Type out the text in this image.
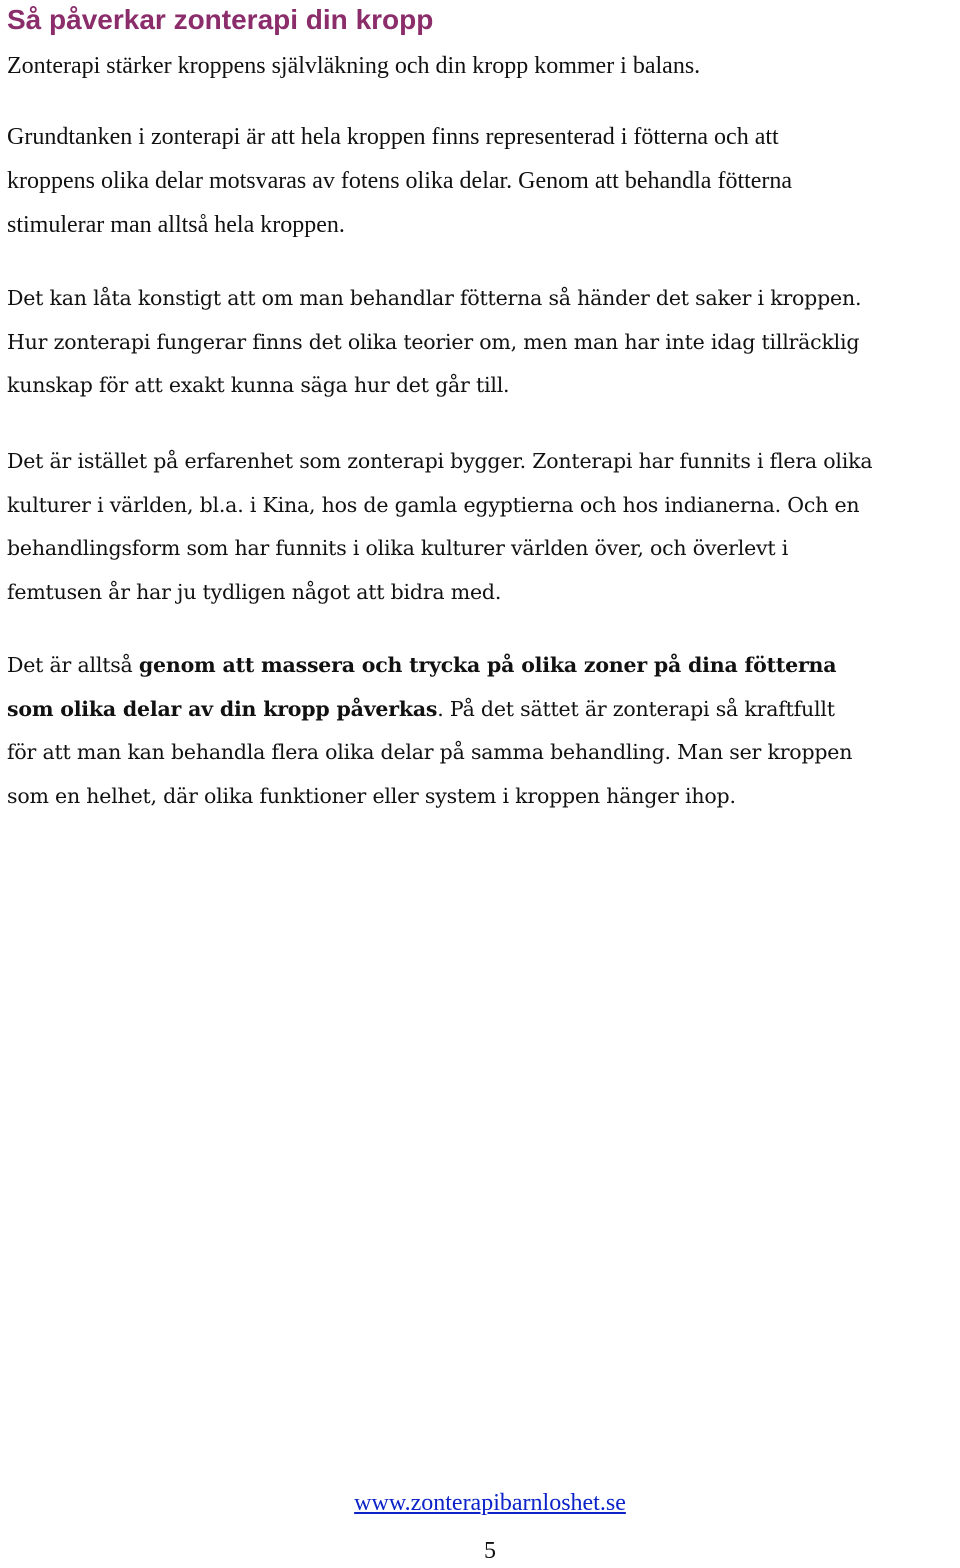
Så påverkar zonterapi din kropp

Zonterapi stärker kroppens självläkning och din kropp kommer i balans.

Grundtanken i zonterapi är att hela kroppen finns representerad i fötterna och att
kroppens olika delar motsvaras av fotens olika delar. Genom att behandla fötterna
stimulerar man alltså hela kroppen.

Det kan låta konstigt att om man behandlar fötterna så händer det saker i kroppen.
Hur zonterapi fungerar finns det olika teorier om, men man har inte idag tillräcklig
kunskap för att exakt kunna säga hur det går till.

Det är istället på erfarenhet som zonterapi bygger. Zonterapi har funnits i flera olika
kulturer i världen, bl.a. i Kina, hos de gamla egyptierna och hos indianerna. Och en
behandlingsform som har funnits i olika kulturer världen över, och överlevt i
femtusen år har ju tydligen något att bidra med.

Det är alltså genom att massera och trycka på olika zoner på dina fötterna
som olika delar av din kropp påverkas. På det sättet är zonterapi så kraftfullt
för att man kan behandla flera olika delar på samma behandling. Man ser kroppen
som en helhet, där olika funktioner eller system i kroppen hänger ihop.

www.zonterapibarnloshet.se
5
